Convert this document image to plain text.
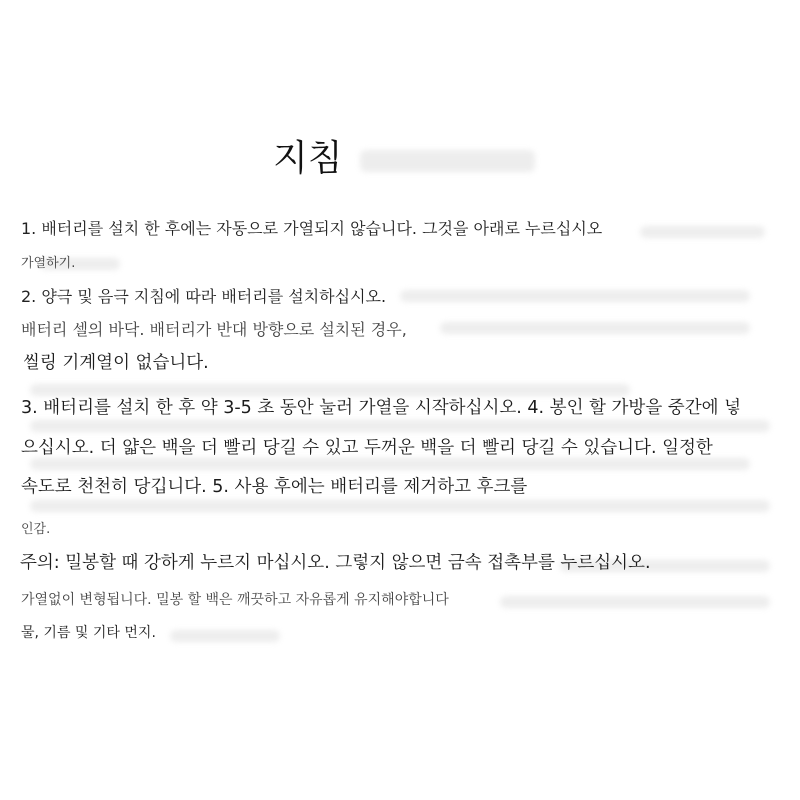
지침
1. 배터리를 설치 한 후에는 자동으로 가열되지 않습니다. 그것을 아래로 누르십시오
가열하기.
2. 양극 및 음극 지침에 따라 배터리를 설치하십시오.
배터리 셀의 바닥. 배터리가 반대 방향으로 설치된 경우,
씰링 기계열이 없습니다.
3. 배터리를 설치 한 후 약 3-5 초 동안 눌러 가열을 시작하십시오. 4. 봉인 할 가방을 중간에 넣
으십시오. 더 얇은 백을 더 빨리 당길 수 있고 두꺼운 백을 더 빨리 당길 수 있습니다. 일정한
속도로 천천히 당깁니다. 5. 사용 후에는 배터리를 제거하고 후크를
인감.
주의: 밀봉할 때 강하게 누르지 마십시오. 그렇지 않으면 금속 접촉부를 누르십시오.
가열없이 변형됩니다. 밀봉 할 백은 깨끗하고 자유롭게 유지해야합니다
물, 기름 및 기타 먼지.
